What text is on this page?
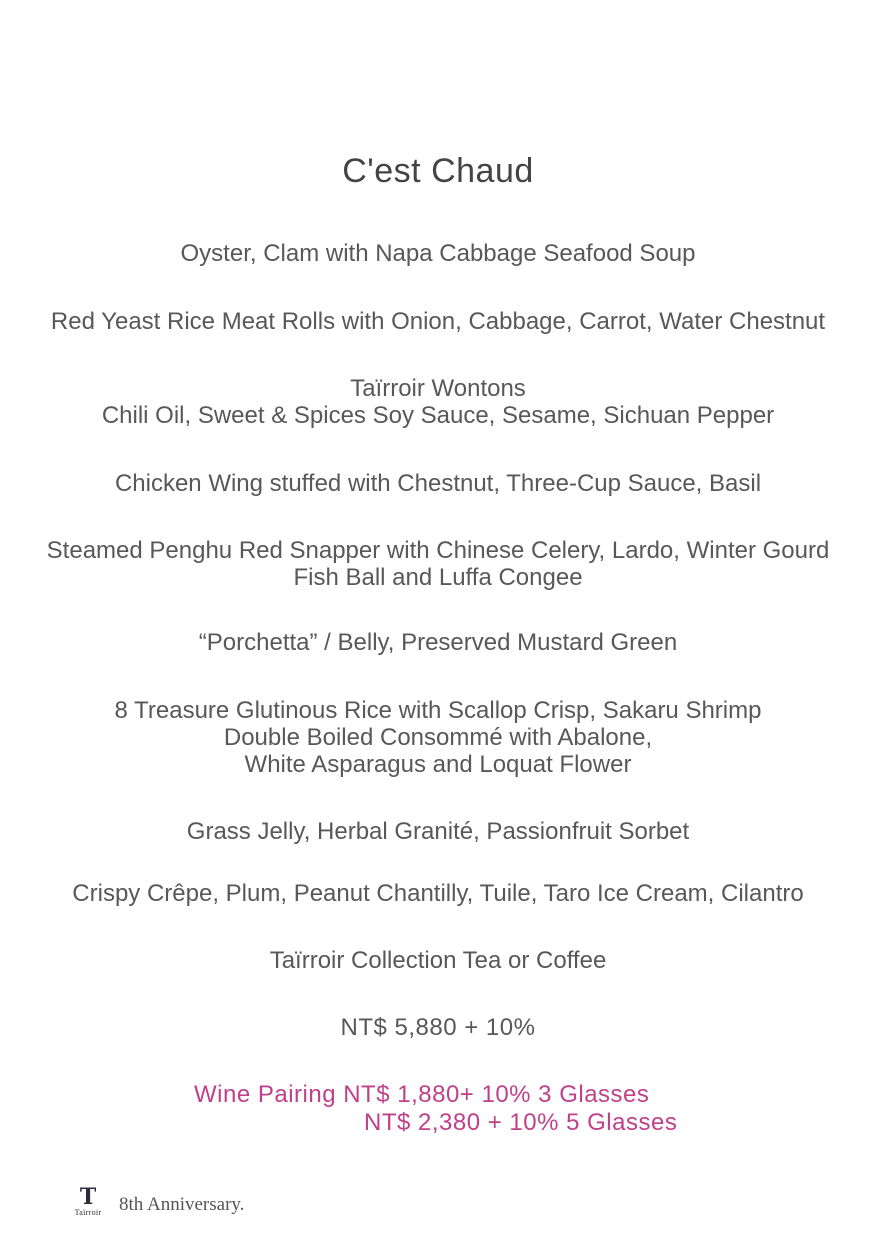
C'est Chaud
Oyster, Clam with Napa Cabbage Seafood Soup
Red Yeast Rice Meat Rolls with Onion, Cabbage, Carrot, Water Chestnut
Taïrroir Wontons
Chili Oil, Sweet & Spices Soy Sauce, Sesame, Sichuan Pepper
Chicken Wing stuffed with Chestnut, Three-Cup Sauce, Basil
Steamed Penghu Red Snapper with Chinese Celery, Lardo, Winter Gourd
Fish Ball and Luffa Congee
“Porchetta” / Belly, Preserved Mustard Green
8 Treasure Glutinous Rice with Scallop Crisp, Sakaru Shrimp
Double Boiled Consommé with Abalone,
White Asparagus and Loquat Flower
Grass Jelly, Herbal Granité, Passionfruit Sorbet
Crispy Crêpe, Plum, Peanut Chantilly, Tuile, Taro Ice Cream, Cilantro
Taïrroir Collection Tea or Coffee
NT$ 5,880 + 10%
Wine Pairing NT$ 1,880+ 10% 3 Glasses
NT$ 2,380 + 10% 5 Glasses
T
Taïrroir 8th Anniversary.
